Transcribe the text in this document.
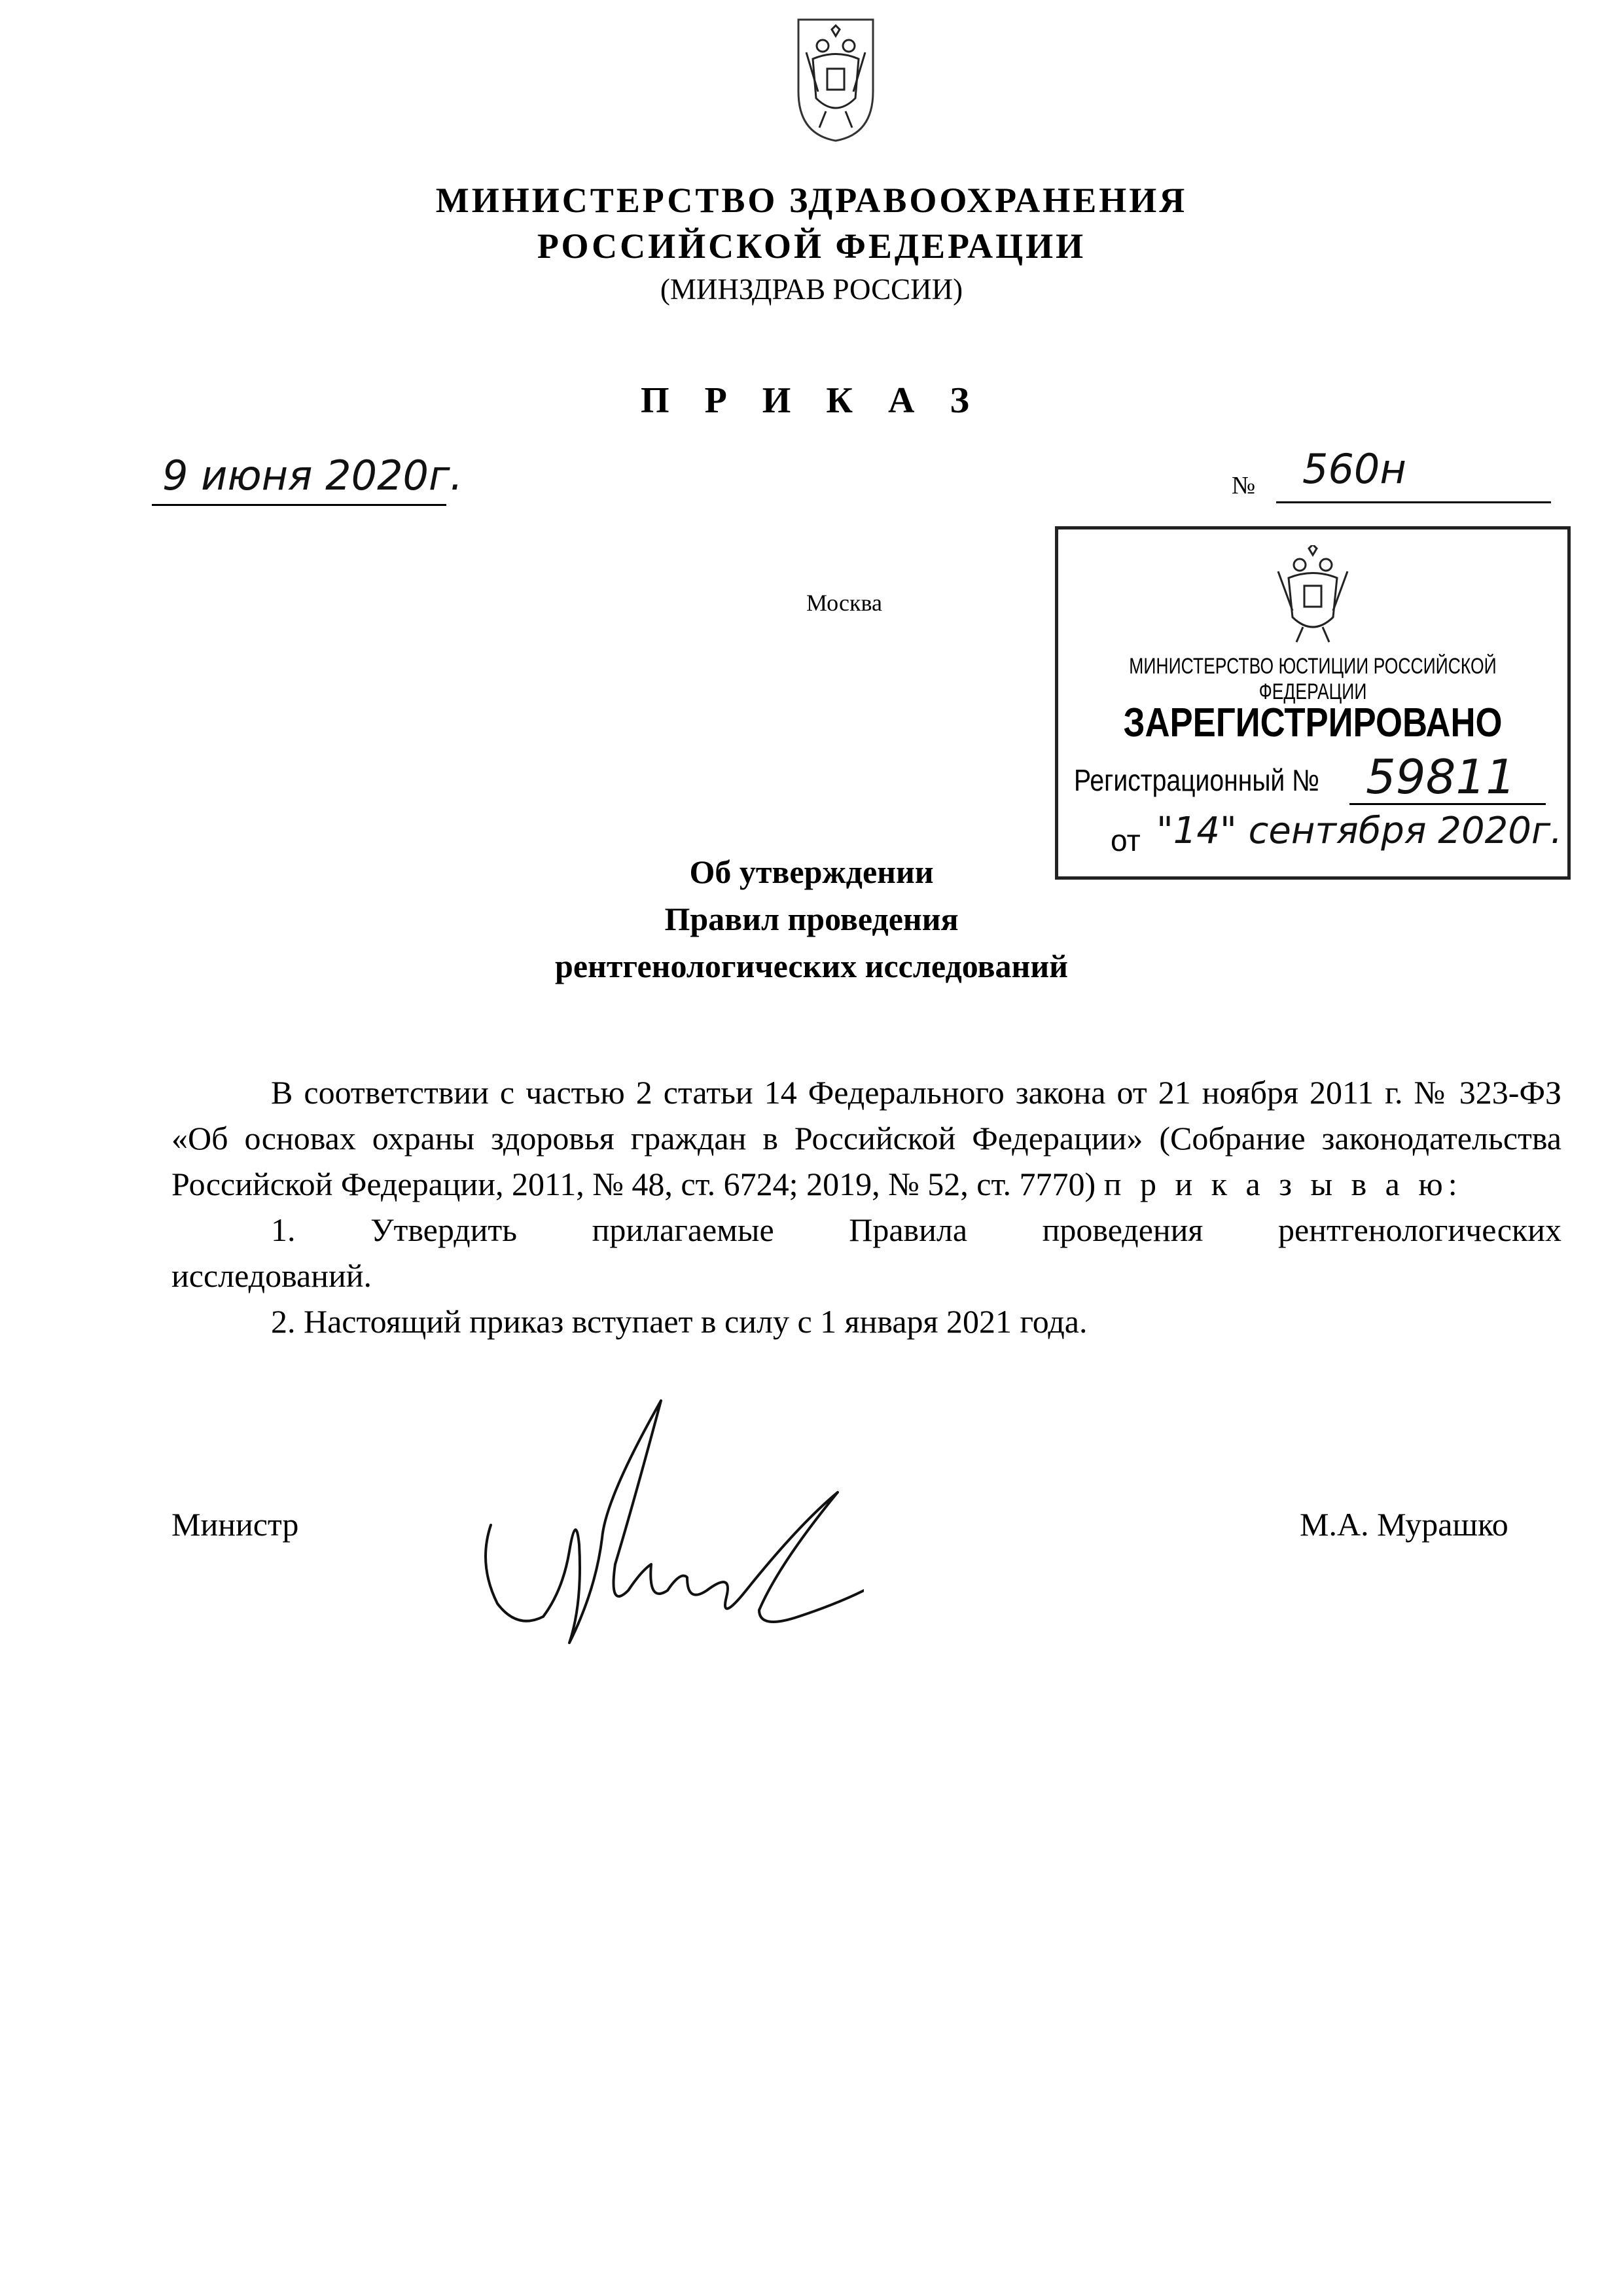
МИНИСТЕРСТВО ЗДРАВООХРАНЕНИЯ
РОССИЙСКОЙ ФЕДЕРАЦИИ
(МИНЗДРАВ РОССИИ)
П Р И К А З
9 июня 2020г.	№ 560н
Москва
МИНИСТЕРСТВО ЮСТИЦИИ РОССИЙСКОЙ ФЕДЕРАЦИИ
ЗАРЕГИСТРИРОВАНО
Регистрационный № 59811
от "14" сентября 2020г.
Об утверждении
Правил проведения
рентгенологических исследований
В соответствии с частью 2 статьи 14 Федерального закона от 21 ноября 2011 г. № 323-ФЗ «Об основах охраны здоровья граждан в Российской Федерации» (Собрание законодательства Российской Федерации, 2011, № 48, ст. 6724; 2019, № 52, ст. 7770) п р и к а з ы в а ю:
1. Утвердить прилагаемые Правила проведения рентгенологических
исследований.
2. Настоящий приказ вступает в силу с 1 января 2021 года.
Министр	М.А. Мурашко
